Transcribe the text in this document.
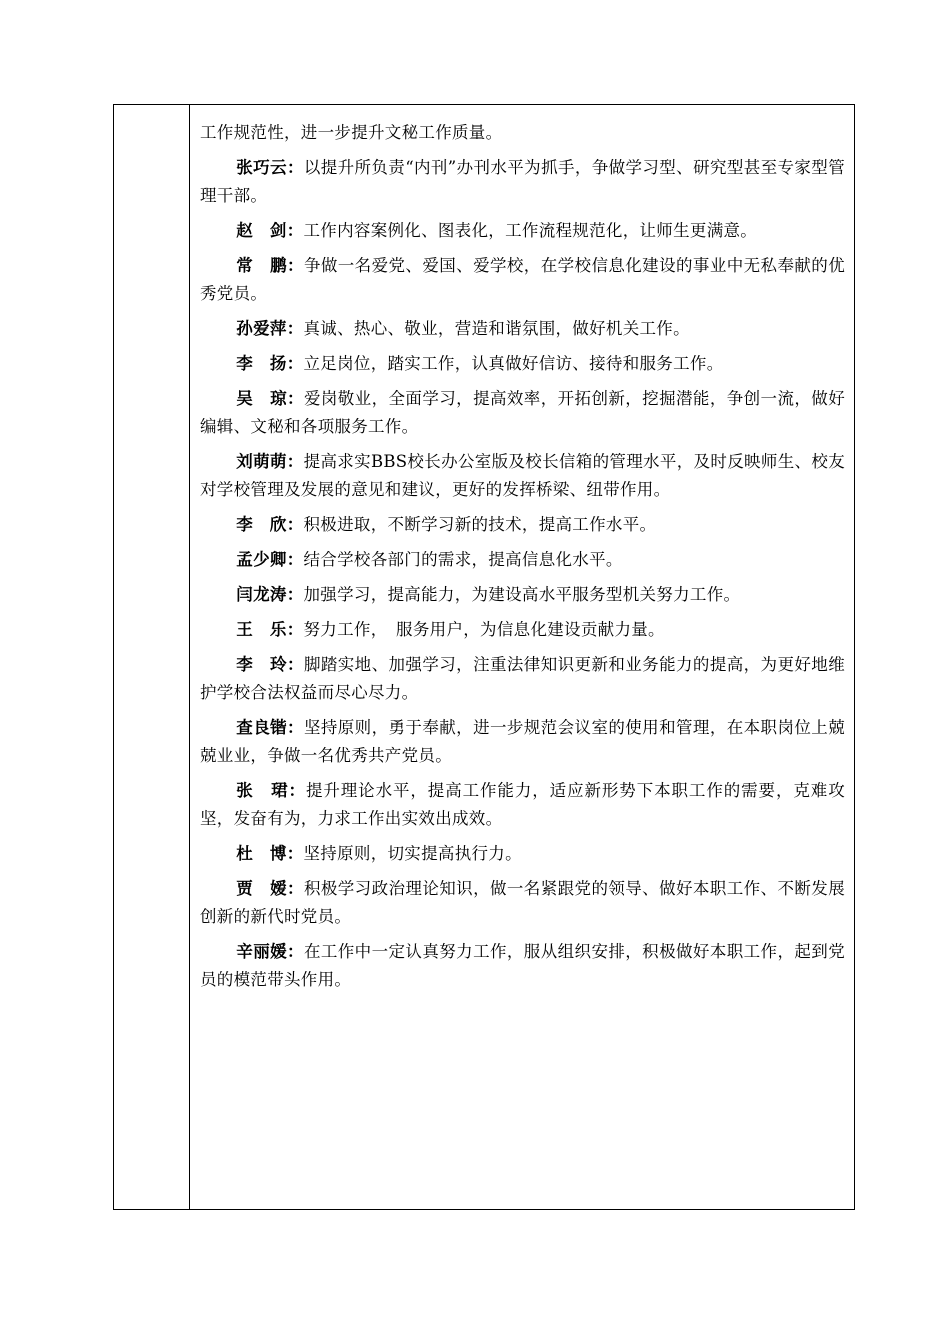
工作规范性，进一步提升文秘工作质量。

张巧云：以提升所负责“内刊”办刊水平为抓手，争做学习型、研究型甚至专家型管理干部。

赵　剑：工作内容案例化、图表化，工作流程规范化，让师生更满意。

常　鹏：争做一名爱党、爱国、爱学校，在学校信息化建设的事业中无私奉献的优秀党员。

孙爱萍：真诚、热心、敬业，营造和谐氛围，做好机关工作。

李　扬：立足岗位，踏实工作，认真做好信访、接待和服务工作。

吴　琼：爱岗敬业，全面学习，提高效率，开拓创新，挖掘潜能，争创一流，做好编辑、文秘和各项服务工作。

刘萌萌：提高求实BBS校长办公室版及校长信箱的管理水平，及时反映师生、校友对学校管理及发展的意见和建议，更好的发挥桥梁、纽带作用。

李　欣：积极进取，不断学习新的技术，提高工作水平。

孟少卿：结合学校各部门的需求，提高信息化水平。

闫龙涛：加强学习，提高能力，为建设高水平服务型机关努力工作。

王　乐：努力工作，　服务用户，为信息化建设贡献力量。

李　玲：脚踏实地、加强学习，注重法律知识更新和业务能力的提高，为更好地维护学校合法权益而尽心尽力。

查良锴：坚持原则，勇于奉献，进一步规范会议室的使用和管理，在本职岗位上兢兢业业，争做一名优秀共产党员。

张　珺：提升理论水平，提高工作能力，适应新形势下本职工作的需要，克难攻坚，发奋有为，力求工作出实效出成效。

杜　博：坚持原则，切实提高执行力。

贾　嫒：积极学习政治理论知识，做一名紧跟党的领导、做好本职工作、不断发展创新的新代时党员。

辛丽媛：在工作中一定认真努力工作，服从组织安排，积极做好本职工作，起到党员的模范带头作用。
